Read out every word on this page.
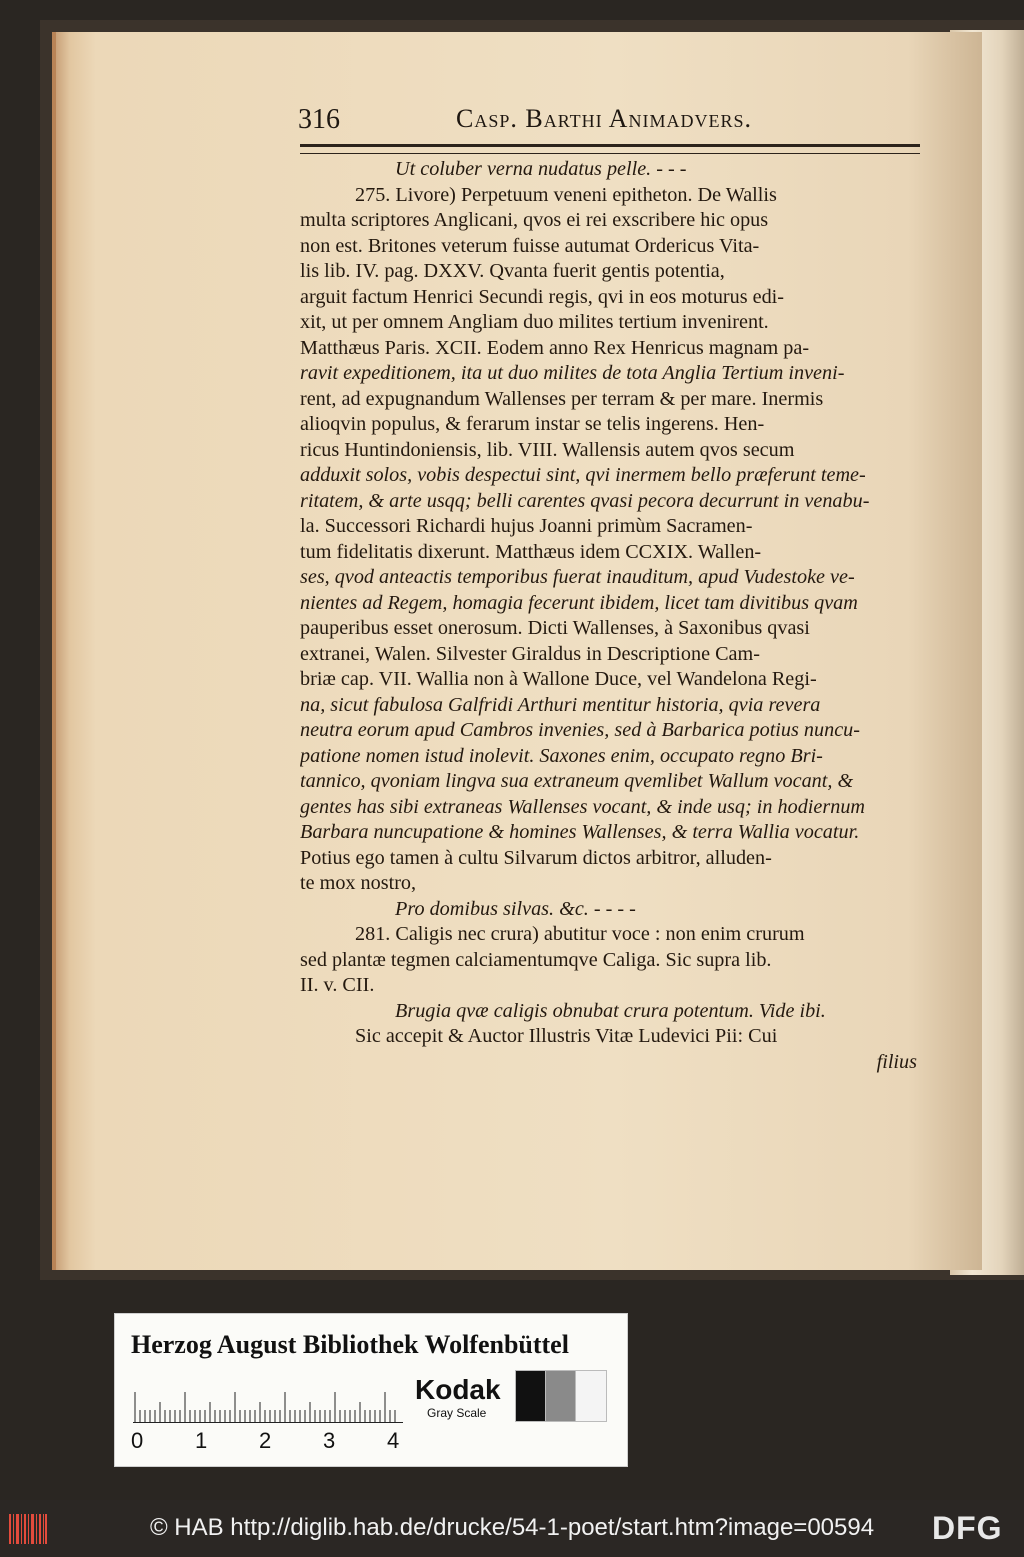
316	Casp. Barthi Animadvers.
Ut coluber verna nudatus pelle. - - -
275. Livore) Perpetuum veneni epitheton. De Wallis
multa scriptores Anglicani, qvos ei rei exscribere hic opus
non est. Britones veterum fuisse autumat Ordericus Vita-
lis lib. IV. pag. DXXV. Qvanta fuerit gentis potentia,
arguit factum Henrici Secundi regis, qvi in eos moturus edi-
xit, ut per omnem Angliam duo milites tertium invenirent.
Matthæus Paris. XCII. Eodem anno Rex Henricus magnam pa-
ravit expeditionem, ita ut duo milites de tota Anglia Tertium inveni-
rent, ad expugnandum Wallenses per terram & per mare. Inermis
alioqvin populus, & ferarum instar se telis ingerens. Hen-
ricus Huntindoniensis, lib. VIII. Wallensis autem qvos secum
adduxit solos, vobis despectui sint, qvi inermem bello præferunt teme-
ritatem, & arte usqq; belli carentes qvasi pecora decurrunt in venabu-
la. Successori Richardi hujus Joanni primùm Sacramen-
tum fidelitatis dixerunt. Matthæus idem CCXIX. Wallen-
ses, qvod anteactis temporibus fuerat inauditum, apud Vudestoke ve-
nientes ad Regem, homagia fecerunt ibidem, licet tam divitibus qvam
pauperibus esset onerosum. Dicti Wallenses, à Saxonibus qvasi
extranei, Walen. Silvester Giraldus in Descriptione Cam-
briæ cap. VII. Wallia non à Wallone Duce, vel Wandelona Regi-
na, sicut fabulosa Galfridi Arthuri mentitur historia, qvia revera
neutra eorum apud Cambros invenies, sed à Barbarica potius nuncu-
patione nomen istud inolevit. Saxones enim, occupato regno Bri-
tannico, qvoniam lingva sua extraneum qvemlibet Wallum vocant, &
gentes has sibi extraneas Wallenses vocant, & inde usq; in hodiernum
Barbara nuncupatione & homines Wallenses, & terra Wallia vocatur.
Potius ego tamen à cultu Silvarum dictos arbitror, alluden-
te mox nostro,
Pro domibus silvas. &c. - - - -
281. Caligis nec crura) abutitur voce : non enim crurum
sed plantæ tegmen calciamentumqve Caliga. Sic supra lib.
II. v. CII.
Brugia qvæ caligis obnubat crura potentum. Vide ibi.
Sic accepit & Auctor Illustris Vitæ Ludevici Pii: Cui
filius
Herzog August Bibliothek Wolfenbüttel
0 1 2 3 4
Kodak
Gray Scale
© HAB http://diglib.hab.de/drucke/54-1-poet/start.htm?image=00594	DFG
